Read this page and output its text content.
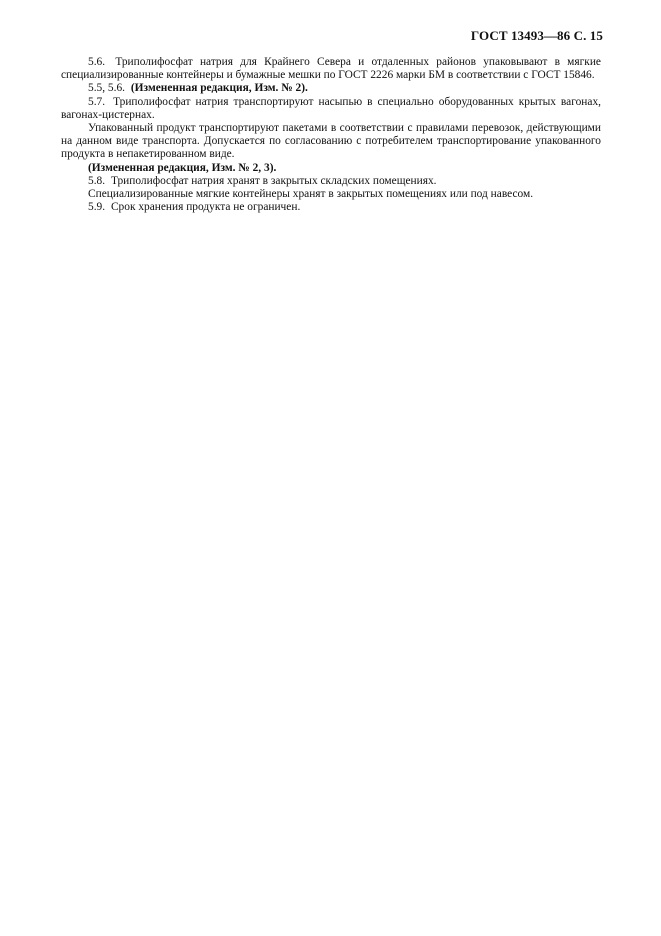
ГОСТ 13493—86 С. 15

5.6. Триполифосфат натрия для Крайнего Севера и отдаленных районов упаковывают в мягкие специализированные контейнеры и бумажные мешки по ГОСТ 2226 марки БМ в соответствии с ГОСТ 15846.

5.5, 5.6. (Измененная редакция, Изм. № 2).

5.7. Триполифосфат натрия транспортируют насыпью в специально оборудованных крытых вагонах, вагонах-цистернах.

Упакованный продукт транспортируют пакетами в соответствии с правилами перевозок, действующими на данном виде транспорта. Допускается по согласованию с потребителем транспортирование упакованного продукта в непакетированном виде.

(Измененная редакция, Изм. № 2, 3).

5.8. Триполифосфат натрия хранят в закрытых складских помещениях.

Специализированные мягкие контейнеры хранят в закрытых помещениях или под навесом.

5.9. Срок хранения продукта не ограничен.
